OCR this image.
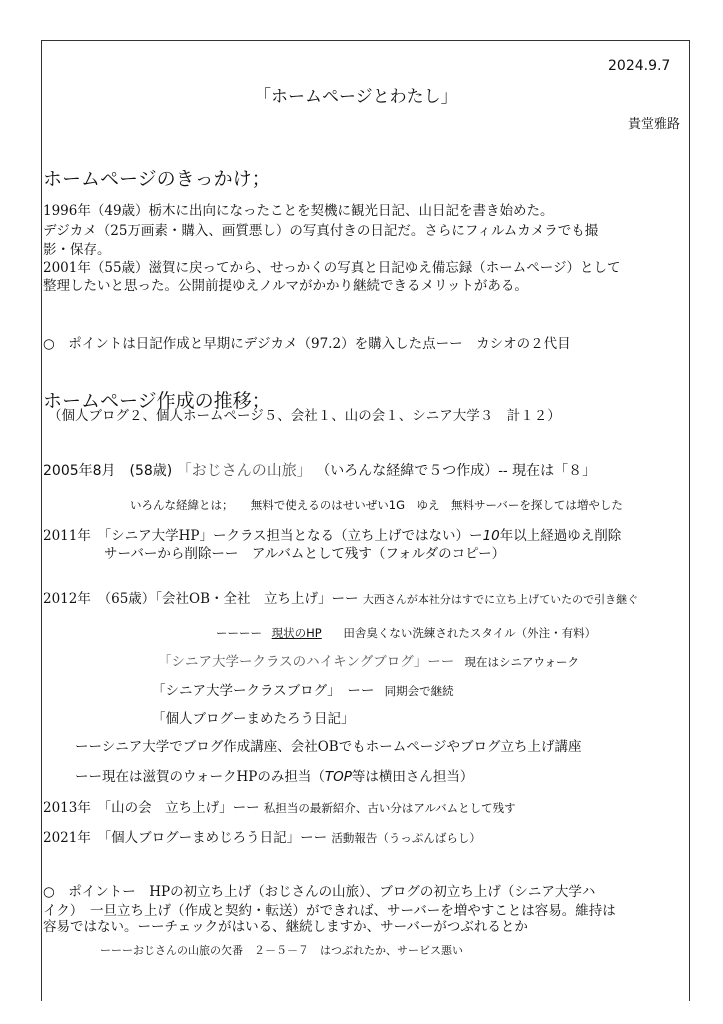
2024.9.7
「ホームページとわたし」
貴堂雅路
ホームページのきっかけ；
1996年（49歳）栃木に出向になったことを契機に観光日記、山日記を書き始めた。
デジカメ（25万画素・購入、画質悪し）の写真付きの日記だ。さらにフィルムカメラでも撮
影・保存。
2001年（55歳）滋賀に戻ってから、せっかくの写真と日記ゆえ備忘録（ホームページ）として
整理したいと思った。公開前提ゆえノルマがかかり継続できるメリットがある。
○　ポイントは日記作成と早期にデジカメ（97.2）を購入した点ーー　カシオの２代目
ホームページ作成の推移；
（個人ブログ２、個人ホームページ５、会社１、山の会１、シニア大学３　計１２）
2005年8月　(58歳) 「おじさんの山旅」 （いろんな経緯で５つ作成）-- 現在は「８」
いろんな経緯とは；　　無料で使えるのはせいぜい1G　ゆえ　無料サーバーを探しては増やした
2011年　「シニア大学HP」ークラス担当となる（立ち上げではない）ー10年以上経過ゆえ削除
サーバーから削除ーー　アルバムとして残す（フォルダのコピー）
2012年　（65歳）「会社OB・全社　立ち上げ」ーー 大西さんが本社分はすでに立ち上げていたので引き継ぐ
ーーーー 現状のHP 田舎臭くない洗練されたスタイル（外注・有料）
「シニア大学ークラスのハイキングブログ」ーー 現在はシニアウォーク
「シニア大学ークラスブログ」　ーー 同期会で継続
「個人ブログーまめたろう日記」
ーーシニア大学でブログ作成講座、会社OBでもホームページやブログ立ち上げ講座
ーー現在は滋賀のウォークHPのみ担当（TOP等は横田さん担当）
2013年　「山の会　立ち上げ」ーー 私担当の最新紹介、古い分はアルバムとして残す
2021年　「個人ブログーまめじろう日記」ーー 活動報告（うっぷんばらし）
○　ポイントー　HPの初立ち上げ（おじさんの山旅）、ブログの初立ち上げ（シニア大学ハ
イク）　一旦立ち上げ（作成と契約・転送）ができれば、サーバーを増やすことは容易。維持は
容易ではない。ーーチェックがはいる、継続しますか、サーバーがつぶれるとか
ーーーおじさんの山旅の欠番　２－５－７　はつぶれたか、サービス悪い
